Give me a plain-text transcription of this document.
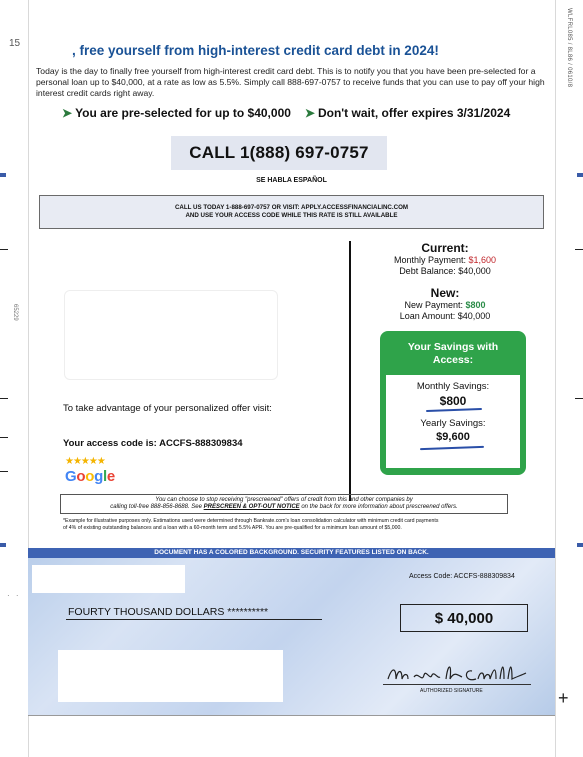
WLFRL085 / 8L86 / 0610/8
15
65229
, free yourself from high-interest credit card debt in 2024!
Today is the day to finally free yourself from high-interest credit card debt. This is to notify you that you have been pre-selected for a personal loan up to $40,000, at a rate as low as 5.5%. Simply call 888-697-0757 to receive funds that you can use to pay off your high interest credit cards right away.
➤ You are pre-selected for up to $40,000 ➤ Don't wait, offer expires 3/31/2024
CALL 1(888) 697-0757
SE HABLA ESPAÑOL
CALL US TODAY 1-888-697-0757 OR VISIT: APPLY.ACCESSFINANCIALINC.COM
AND USE YOUR ACCESS CODE WHILE THIS RATE IS STILL AVAILABLE
To take advantage of your personalized offer visit:
Your access code is: ACCFS-888309834
★★★★★
Google
Current:
Monthly Payment: $1,600
Debt Balance: $40,000
New:
New Payment: $800
Loan Amount: $40,000
Your Savings with
Access:
Monthly Savings:
$800
Yearly Savings:
$9,600
You can choose to stop receiving "prescreened" offers of credit from this and other companies by
calling toll-free 888-856-8688. See PRESCREEN & OPT-OUT NOTICE on the back for more information about prescreened offers.
*Example for illustrative purposes only. Estimations used were determined through Bankrate.com's loan consolidation calculator with minimum credit card payments
of 4% of existing outstanding balances and a loan with a 60-month term and 5.5% APR. You are pre-qualified for a minimum loan amount of $5,000.
DOCUMENT HAS A COLORED BACKGROUND. SECURITY FEATURES LISTED ON BACK.
Access Code: ACCFS-888309834
FOURTY THOUSAND DOLLARS **********	$ 40,000
AUTHORIZED SIGNATURE	+
· ·
